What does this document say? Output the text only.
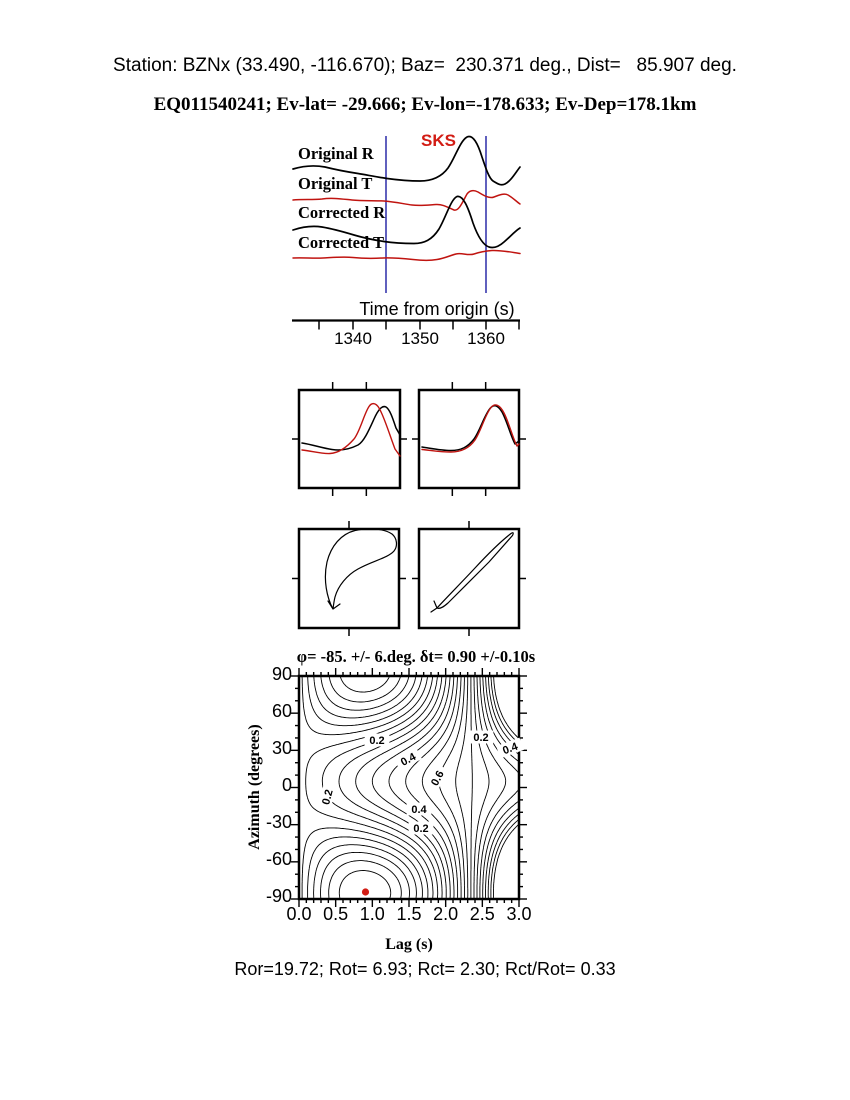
0.2
0.4
0.6
0.4
0.2
0.2
0.2
0.4
Station: BZNx (33.490, -116.670); Baz=  230.371 deg., Dist=   85.907 deg.
EQ011540241; Ev-lat= -29.666; Ev-lon=-178.633; Ev-Dep=178.1km
Original R
Original T
Corrected R
Corrected T
SKS
Time from origin (s)
1340	1350	1360
φ= -85. +/- 6.deg. δt= 0.90 +/-0.10s
90
60
30
0
-30
-60
-90
Azimuth (degrees)
0.0 0.5 1.0 1.5 2.0 2.5 3.0
Lag (s)
Ror=19.72; Rot= 6.93; Rct= 2.30; Rct/Rot= 0.33
